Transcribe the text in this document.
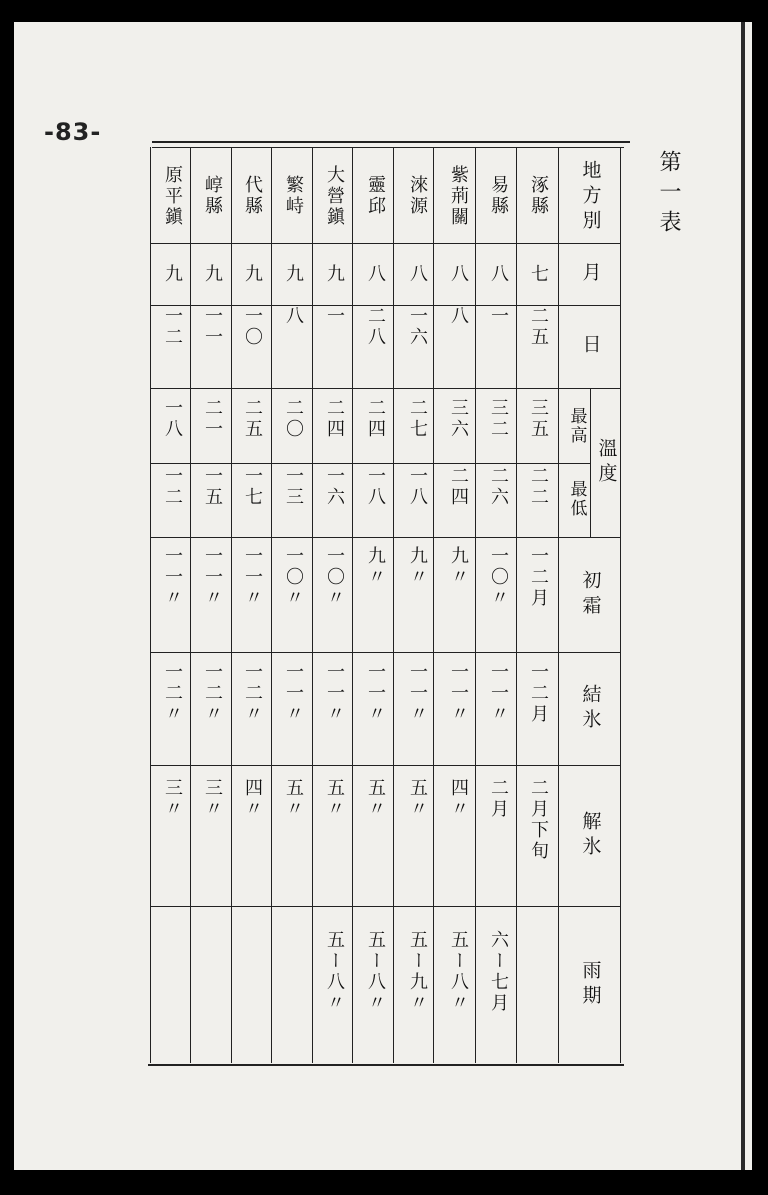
-83-
第一表
地方別
月
日
最高
最低
溫度
初霜
結氷
解氷
雨期
涿縣
七
二五
三五
二二
一二月
一二月
二月下旬
易縣
八
一
三二
二六
一〇〃
一一〃
二月
六ー七月
紫荊關
八
八
三六
二四
九〃
一一〃
四〃
五ー八〃
淶源
八
一六
二七
一八
九〃
一一〃
五〃
五ー九〃
靈邱
八
二八
二四
一八
九〃
一一〃
五〃
五ー八〃
大營鎭
九
一
二四
一六
一〇〃
一一〃
五〃
五ー八〃
繁峙
九
八
二〇
一三
一〇〃
一一〃
五〃
代縣
九
一〇
二五
一七
一一〃
一二〃
四〃
崞縣
九
一一
二一
一五
一一〃
一二〃
三〃
原平鎭
九
一二
一八
一二
一一〃
一二〃
三〃
